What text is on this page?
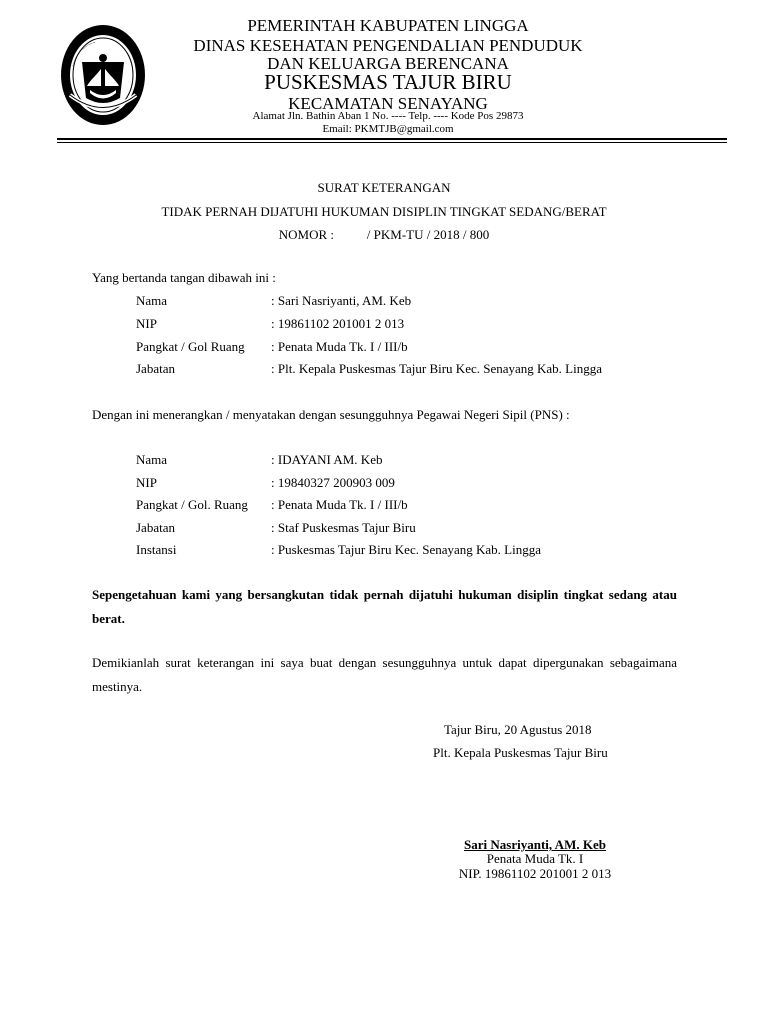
~~~~~~~~~~~~
PEMERINTAH KABUPATEN LINGGA
DINAS KESEHATAN PENGENDALIAN PENDUDUK
DAN KELUARGA BERENCANA
PUSKESMAS TAJUR BIRU
KECAMATAN SENAYANG
Alamat Jln. Bathin Aban 1 No. ---- Telp. ---- Kode Pos 29873
Email: PKMTJB@gmail.com
SURAT KETERANGAN
TIDAK PERNAH DIJATUHI HUKUMAN DISIPLIN TINGKAT SEDANG/BERAT
NOMOR :	/ PKM-TU / 2018 / 800
Yang bertanda tangan dibawah ini :
Nama	: Sari Nasriyanti, AM. Keb
NIP	: 19861102 201001 2 013
Pangkat / Gol Ruang : Penata Muda Tk. I / III/b
Jabatan	: Plt. Kepala Puskesmas Tajur Biru Kec. Senayang Kab. Lingga
Dengan ini menerangkan / menyatakan dengan sesungguhnya Pegawai Negeri Sipil (PNS) :
Nama	: IDAYANI AM. Keb
NIP	: 19840327 200903 009
Pangkat / Gol. Ruang : Penata Muda Tk. I / III/b
Jabatan	: Staf Puskesmas Tajur Biru
Instansi	: Puskesmas Tajur Biru Kec. Senayang Kab. Lingga
Sepengetahuan kami yang bersangkutan tidak pernah dijatuhi hukuman disiplin tingkat sedang atau berat.
Demikianlah surat keterangan ini saya buat dengan sesungguhnya untuk dapat dipergunakan sebagaimana mestinya.
Tajur Biru, 20 Agustus 2018
Plt. Kepala Puskesmas Tajur Biru
Sari Nasriyanti, AM. Keb
Penata Muda Tk. I
NIP. 19861102 201001 2 013
